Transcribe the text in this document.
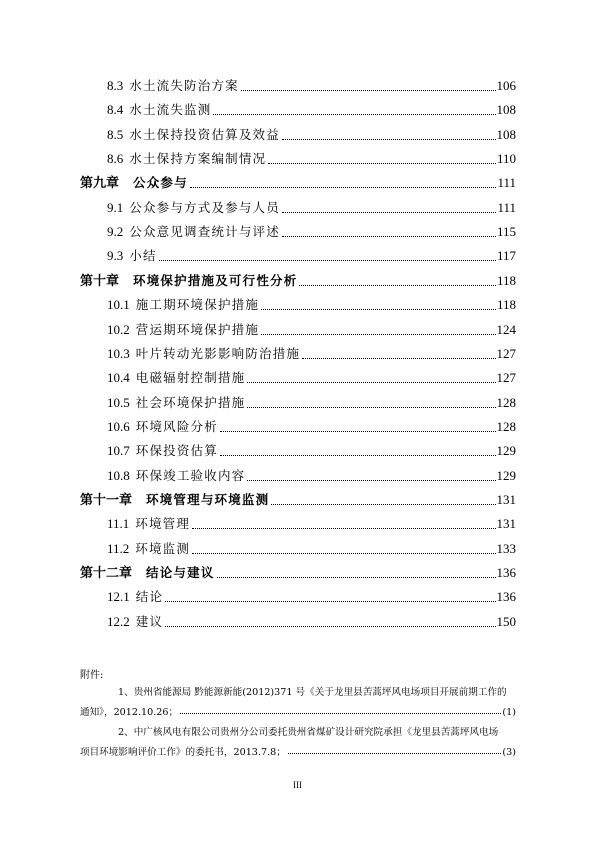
8.3 水土流失防治方案	106
8.4 水土流失监测	108
8.5 水土保持投资估算及效益	108
8.6 水土保持方案编制情况	110
第九章 公众参与	111
9.1 公众参与方式及参与人员	111
9.2 公众意见调查统计与评述	115
9.3 小结	117
第十章 环境保护措施及可行性分析	118
10.1 施工期环境保护措施	118
10.2 营运期环境保护措施	124
10.3 叶片转动光影影响防治措施	127
10.4 电磁辐射控制措施	127
10.5 社会环境保护措施	128
10.6 环境风险分析	128
10.7 环保投资估算	129
10.8 环保竣工验收内容	129
第十一章 环境管理与环境监测	131
11.1 环境管理	131
11.2 环境监测	133
第十二章 结论与建议	136
12.1 结论	136
12.2 建议	150
附件:
1、贵州省能源局 黔能源新能(2012)371 号《关于龙里县苦蒿坪风电场项目开展前期工作的
通知》，2012.10.26；	(1)
2、中广核风电有限公司贵州分公司委托贵州省煤矿设计研究院承担《龙里县苦蒿坪风电场
项目环境影响评价工作》的委托书，2013.7.8；	(3)
III
